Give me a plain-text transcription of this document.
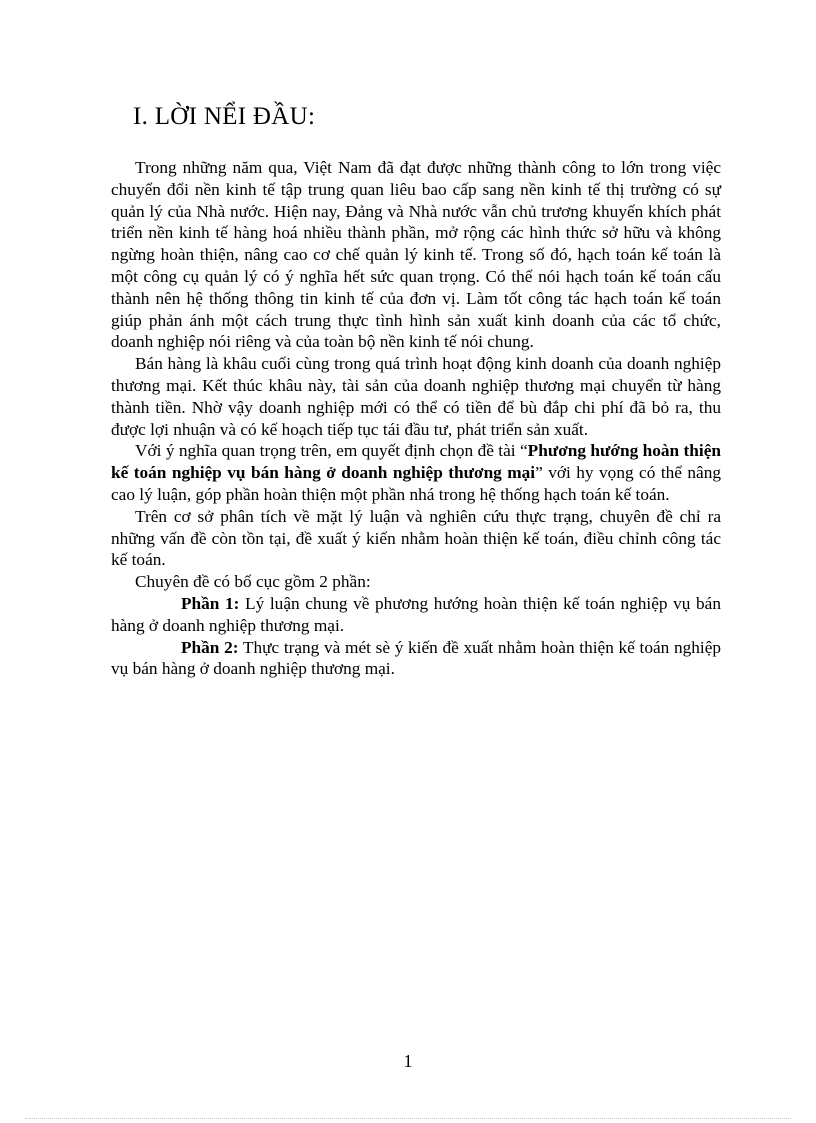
I. LỜI NỂI ĐẦU:

Trong những năm qua, Việt Nam đã đạt được những thành công to lớn trong việc chuyển đổi nền kinh tế tập trung quan liêu bao cấp sang nền kinh tế thị trường có sự quản lý của Nhà nước. Hiện nay, Đảng và Nhà nước vẫn chủ trương khuyến khích phát triển nền kinh tế hàng hoá nhiều thành phần, mở rộng các hình thức sở hữu và không ngừng hoàn thiện, nâng cao cơ chế quản lý kinh tế. Trong số đó, hạch toán kế toán là một công cụ quản lý có ý nghĩa hết sức quan trọng. Có thể nói hạch toán kế toán cấu thành nên hệ thống thông tin kinh tế của đơn vị. Làm tốt công tác hạch toán kế toán giúp phản ánh một cách trung thực tình hình sản xuất kinh doanh của các tổ chức, doanh nghiệp nói riêng và của toàn bộ nền kinh tế nói chung.

Bán hàng là khâu cuối cùng trong quá trình hoạt động kinh doanh của doanh nghiệp thương mại. Kết thúc khâu này, tài sản của doanh nghiệp thương mại chuyển từ hàng thành tiền. Nhờ vậy doanh nghiệp mới có thể có tiền để bù đắp chi phí đã bỏ ra, thu được lợi nhuận và có kế hoạch tiếp tục tái đầu tư, phát triển sản xuất.

Với ý nghĩa quan trọng trên, em quyết định chọn đề tài “Phương hướng hoàn thiện kế toán nghiệp vụ bán hàng ở doanh nghiệp thương mại” với hy vọng có thể nâng cao lý luận, góp phần hoàn thiện một phần nhá trong hệ thống hạch toán kế toán.

Trên cơ sở phân tích về mặt lý luận và nghiên cứu thực trạng, chuyên đề chỉ ra những vấn đề còn tồn tại, đề xuất ý kiến nhằm hoàn thiện kế toán, điều chỉnh công tác kế toán.

Chuyên đề có bố cục gồm 2 phần:

Phần 1: Lý luận chung về phương hướng hoàn thiện kế toán nghiệp vụ bán hàng ở doanh nghiệp thương mại.

Phần 2: Thực trạng và mét sè ý kiến đề xuất nhằm hoàn thiện kế toán nghiệp vụ bán hàng ở doanh nghiệp thương mại.

1
